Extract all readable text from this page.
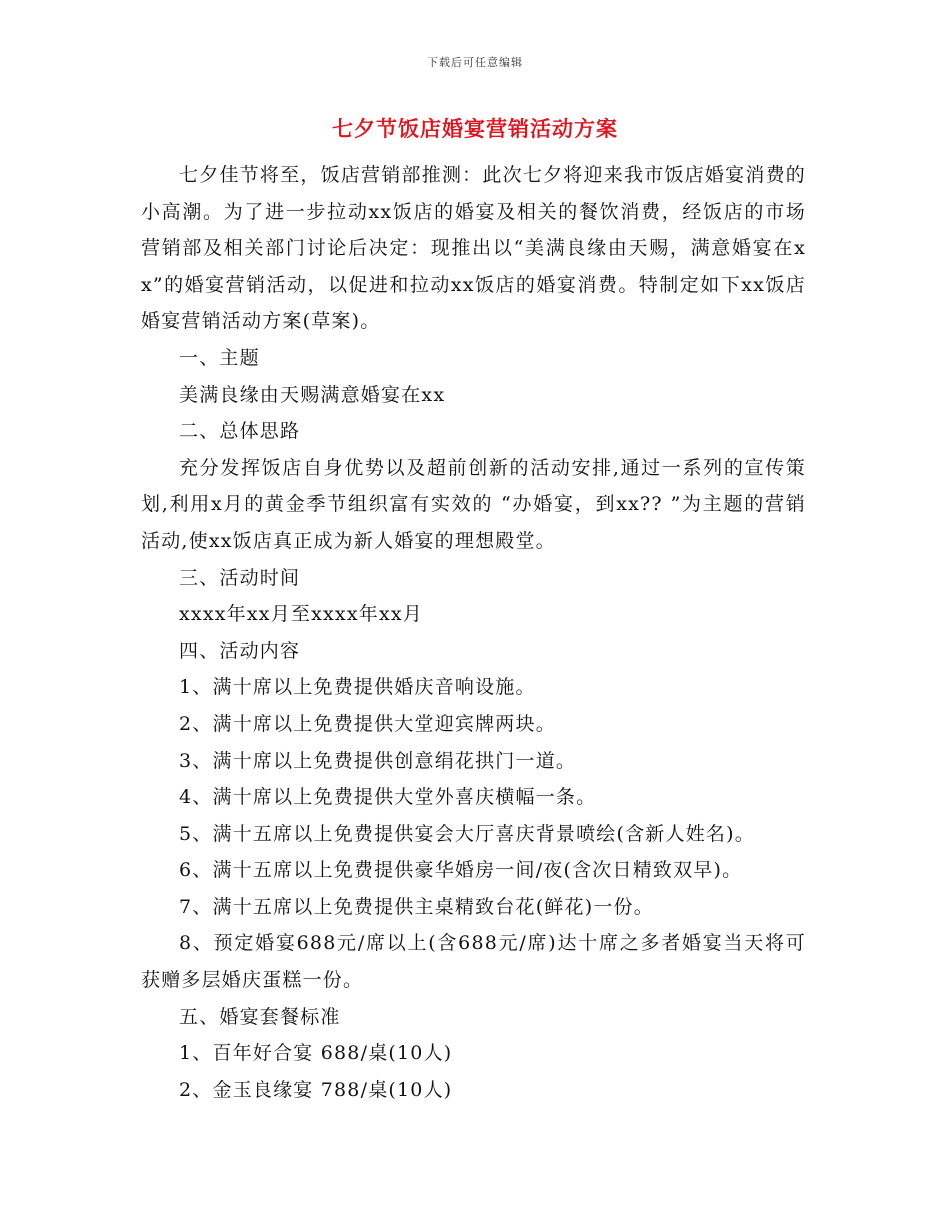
下载后可任意编辑
七夕节饭店婚宴营销活动方案

七夕佳节将至，饭店营销部推测：此次七夕将迎来我市饭店婚宴消费的小高潮。为了进一步拉动xx饭店的婚宴及相关的餐饮消费，经饭店的市场营销部及相关部门讨论后决定：现推出以“美满良缘由天赐，满意婚宴在xx”的婚宴营销活动，以促进和拉动xx饭店的婚宴消费。特制定如下xx饭店婚宴营销活动方案(草案)。

一、主题

美满良缘由天赐满意婚宴在xx

二、总体思路

充分发挥饭店自身优势以及超前创新的活动安排,通过一系列的宣传策划,利用x月的黄金季节组织富有实效的 “办婚宴，到xx?? ”为主题的营销活动,使xx饭店真正成为新人婚宴的理想殿堂。

三、活动时间

xxxx年xx月至xxxx年xx月

四、活动内容

1、满十席以上免费提供婚庆音响设施。

2、满十席以上免费提供大堂迎宾牌两块。

3、满十席以上免费提供创意绢花拱门一道。

4、满十席以上免费提供大堂外喜庆横幅一条。

5、满十五席以上免费提供宴会大厅喜庆背景喷绘(含新人姓名)。

6、满十五席以上免费提供豪华婚房一间/夜(含次日精致双早)。

7、满十五席以上免费提供主桌精致台花(鲜花)一份。

8、预定婚宴688元/席以上(含688元/席)达十席之多者婚宴当天将可获赠多层婚庆蛋糕一份。

五、婚宴套餐标准

1、百年好合宴 688/桌(10人)

2、金玉良缘宴 788/桌(10人)
